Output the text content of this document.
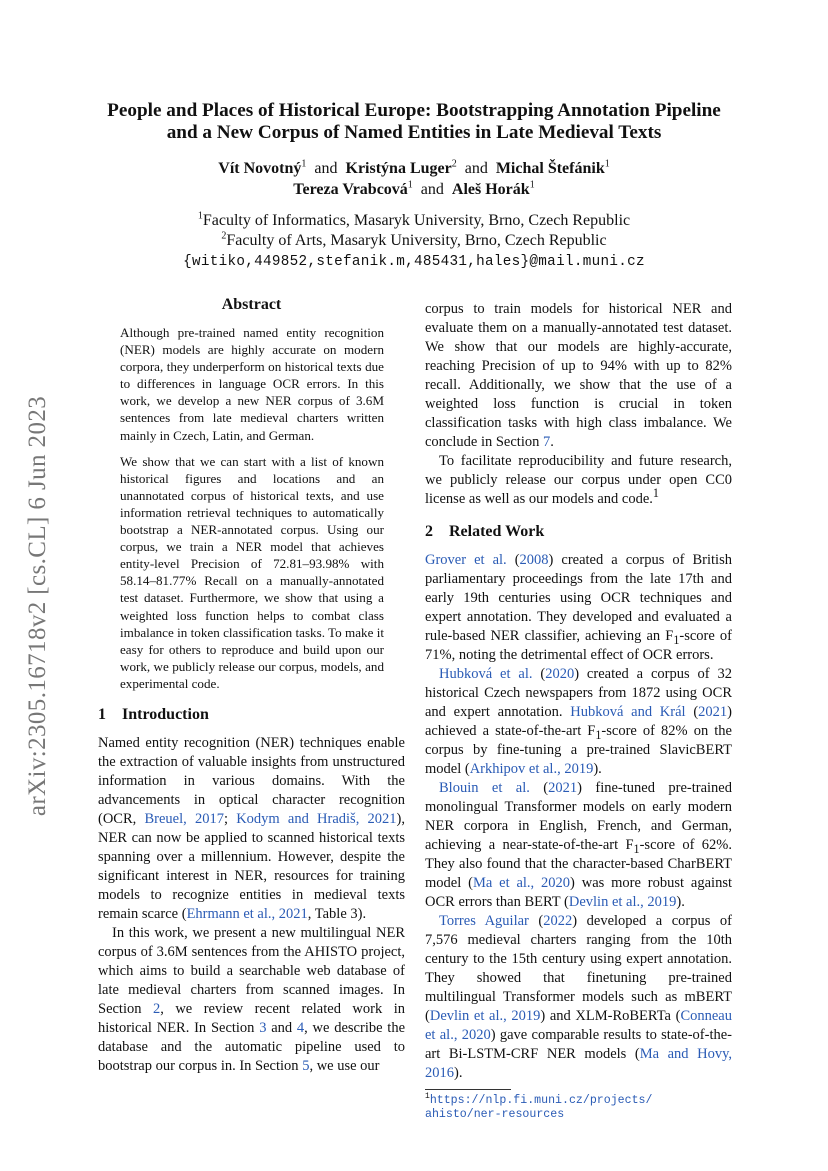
arXiv:2305.16718v2 [cs.CL] 6 Jun 2023
People and Places of Historical Europe: Bootstrapping Annotation Pipeline
and a New Corpus of Named Entities in Late Medieval Texts
Vít Novotný$^1$ and Kristýna Luger$^2$ and Michal Štefánik$^1$
Tereza Vrabcová$^1$ and Aleš Horák$^1$
$^1$Faculty of Informatics, Masaryk University, Brno, Czech Republic
$^2$Faculty of Arts, Masaryk University, Brno, Czech Republic
{witiko,449852,stefanik.m,485431,hales}@mail.muni.cz
Abstract

Although pre-trained named entity recognition (NER) models are highly accurate on modern corpora, they underperform on historical texts due to differences in language OCR errors. In this work, we develop a new NER corpus of 3.6M sentences from late medieval charters written mainly in Czech, Latin, and German.

We show that we can start with a list of known historical figures and locations and an unannotated corpus of historical texts, and use information retrieval techniques to automatically bootstrap a NER-annotated corpus. Using our corpus, we train a NER model that achieves entity-level Precision of 72.81–93.98% with 58.14–81.77% Recall on a manually-annotated test dataset. Furthermore, we show that using a weighted loss function helps to combat class imbalance in token classification tasks. To make it easy for others to reproduce and build upon our work, we publicly release our corpus, models, and experimental code.

1 Introduction

Named entity recognition (NER) techniques enable the extraction of valuable insights from unstructured information in various domains. With the advancements in optical character recognition (OCR, Breuel, 2017; Kodym and Hradiš, 2021), NER can now be applied to scanned historical texts spanning over a millennium. However, despite the significant interest in NER, resources for training models to recognize entities in medieval texts remain scarce (Ehrmann et al., 2021, Table 3).

In this work, we present a new multilingual NER corpus of 3.6M sentences from the AHISTO project, which aims to build a searchable web database of late medieval charters from scanned images. In Section 2, we review recent related work in historical NER. In Section 3 and 4, we describe the database and the automatic pipeline used to bootstrap our corpus in. In Section 5, we use our

corpus to train models for historical NER and evaluate them on a manually-annotated test dataset. We show that our models are highly-accurate, reaching Precision of up to 94% with up to 82% recall. Additionally, we show that the use of a weighted loss function is crucial in token classification tasks with high class imbalance. We conclude in Section 7.

To facilitate reproducibility and future research, we publicly release our corpus under open CC0 license as well as our models and code.$^1$

2 Related Work

Grover et al. (2008) created a corpus of British parliamentary proceedings from the late 17th and early 19th centuries using OCR techniques and expert annotation. They developed and evaluated a rule-based NER classifier, achieving an $F_1$-score of 71%, noting the detrimental effect of OCR errors.

Hubková et al. (2020) created a corpus of 32 historical Czech newspapers from 1872 using OCR and expert annotation. Hubková and Král (2021) achieved a state-of-the-art $F_1$-score of 82% on the corpus by fine-tuning a pre-trained SlavicBERT model (Arkhipov et al., 2019).

Blouin et al. (2021) fine-tuned pre-trained monolingual Transformer models on early modern NER corpora in English, French, and German, achieving a near-state-of-the-art $F_1$-score of 62%. They also found that the character-based CharBERT model (Ma et al., 2020) was more robust against OCR errors than BERT (Devlin et al., 2019).

Torres Aguilar (2022) developed a corpus of 7,576 medieval charters ranging from the 10th century to the 15th century using expert annotation. They showed that finetuning pre-trained multilingual Transformer models such as mBERT (Devlin et al., 2019) and XLM-RoBERTa (Conneau et al., 2020) gave comparable results to state-of-the-art Bi-LSTM-CRF NER models (Ma and Hovy, 2016).

$^1$https://nlp.fi.muni.cz/projects/
ahisto/ner-resources
